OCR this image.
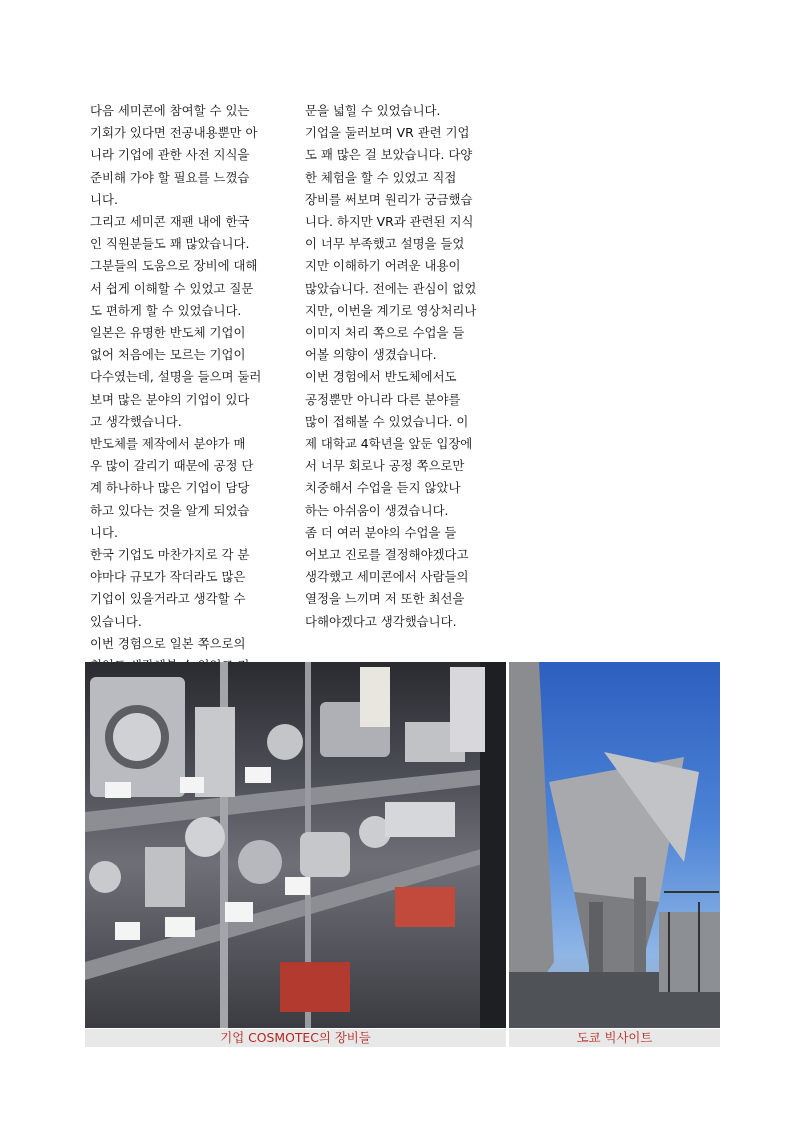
다음 세미콘에 참여할 수 있는

기회가 있다면 전공내용뿐만 아

니라 기업에 관한 사전 지식을

준비해 가야 할 필요를 느꼈습

니다.

그리고 세미콘 재팬 내에 한국

인 직원분들도 꽤 많았습니다.

그분들의 도움으로 장비에 대해

서 쉽게 이해할 수 있었고 질문

도 편하게 할 수 있었습니다.

일본은 유명한 반도체 기업이

없어 처음에는 모르는 기업이

다수였는데, 설명을 들으며 둘러

보며 많은 분야의 기업이 있다

고 생각했습니다.

반도체를 제작에서 분야가 매

우 많이 갈리기 때문에 공정 단

계 하나하나 많은 기업이 담당

하고 있다는 것을 알게 되었습

니다.

한국 기업도 마찬가지로 각 분

야마다 규모가 작더라도 많은

기업이 있을거라고 생각할 수

있습니다.

이번 경험으로 일본 쪽으로의

문을 넓힐 수 있었습니다.

기업을 둘러보며 VR 관련 기업

도 꽤 많은 걸 보았습니다. 다양

한 체험을 할 수 있었고 직접

장비를 써보며 원리가 궁금했습

니다. 하지만 VR과 관련된 지식

이 너무 부족했고 설명을 들었

지만 이해하기 어려운 내용이

많았습니다. 전에는 관심이 없었

지만, 이번을 계기로 영상처리나

이미지 처리 쪽으로 수업을 들

어볼 의향이 생겼습니다.

이번 경험에서 반도체에서도

공정뿐만 아니라 다른 분야를

많이 접해볼 수 있었습니다. 이

제 대학교 4학년을 앞둔 입장에

서 너무 회로나 공정 쪽으로만

치중해서 수업을 듣지 않았나

하는 아쉬움이 생겼습니다.

좀 더 여러 분야의 수업을 들

어보고 진로를 결정해야겠다고

생각했고 세미콘에서 사람들의

열정을 느끼며 저 또한 최선을

다해야겠다고 생각했습니다.

기업 COSMOTEC의 장비들	도쿄 빅사이트
